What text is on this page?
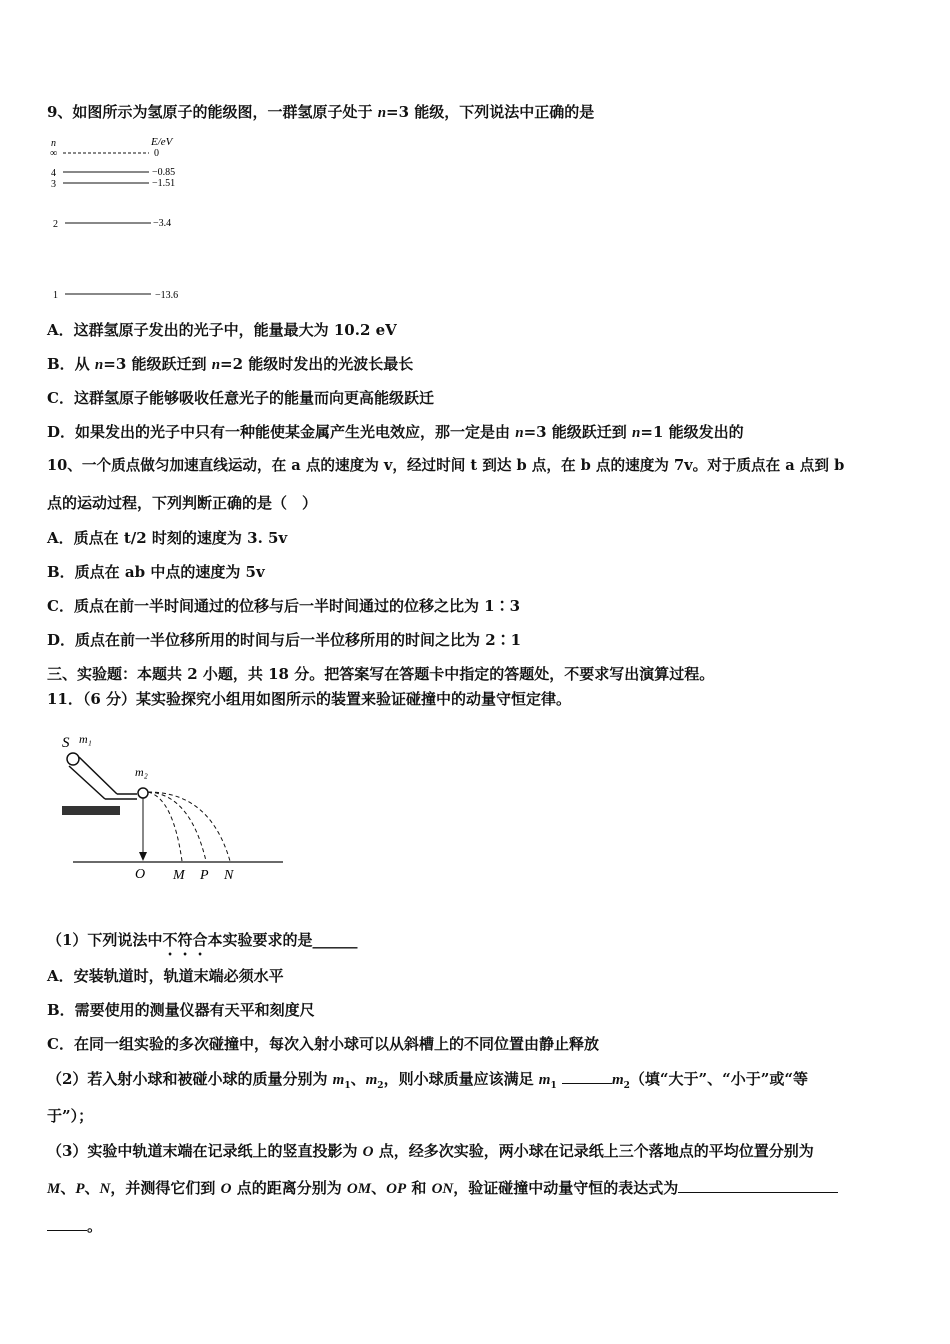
9、如图所示为氢原子的能级图，一群氢原子处于 n=3 能级，下列说法中正确的是
n	E/eV
∞	0
4	−0.85
3	−1.51
2	−3.4
1	−13.6
A．这群氢原子发出的光子中，能量最大为 10.2 eV
B．从 n=3 能级跃迁到 n=2 能级时发出的光波长最长
C．这群氢原子能够吸收任意光子的能量而向更高能级跃迁
D．如果发出的光子中只有一种能使某金属产生光电效应，那一定是由 n=3 能级跃迁到 n=1 能级发出的
10、一个质点做匀加速直线运动，在 a 点的速度为 v，经过时间 t 到达 b 点，在 b 点的速度为 7v。对于质点在 a 点到 b
点的运动过程，下列判断正确的是（　）
A．质点在 t/2 时刻的速度为 3. 5v
B．质点在 ab 中点的速度为 5v
C．质点在前一半时间通过的位移与后一半时间通过的位移之比为 1∶3
D．质点在前一半位移所用的时间与后一半位移所用的时间之比为 2∶1
三、实验题：本题共 2 小题，共 18 分。把答案写在答题卡中指定的答题处，不要求写出演算过程。
11．（6 分）某实验探究小组用如图所示的装置来验证碰撞中的动量守恒定律。
S m₁
m₂
O M P N
（1）下列说法中不符合本实验要求的是______
A．安装轨道时，轨道末端必须水平
B．需要使用的测量仪器有天平和刻度尺
C．在同一组实验的多次碰撞中，每次入射小球可以从斜槽上的不同位置由静止释放
（2）若入射小球和被碰小球的质量分别为 $m_1$、$m_2$，则小球质量应该满足 $m_1$	$m_2$（填“大于”、“小于”或“等
于”）；
（3）实验中轨道末端在记录纸上的竖直投影为 O 点，经多次实验，两小球在记录纸上三个落地点的平均位置分别为
M、P、N，并测得它们到 O 点的距离分别为 OM、OP 和 ON，验证碰撞中动量守恒的表达式为
。
